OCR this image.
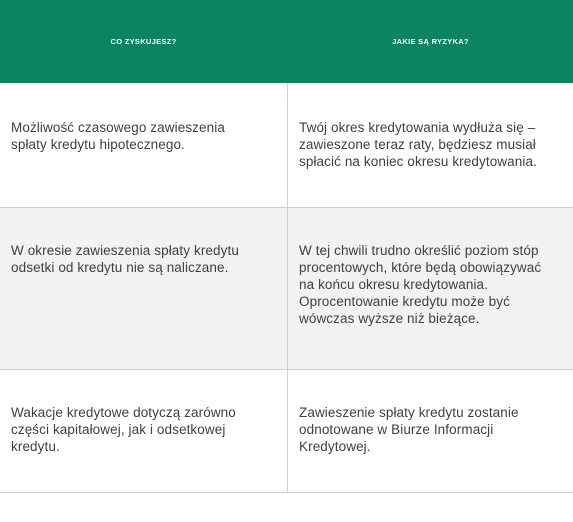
CO ZYSKUJESZ?	JAKIE SĄ RYZYKA?
Możliwość czasowego zawieszenia
spłaty kredytu hipotecznego.
Twój okres kredytowania wydłuża się –
zawieszone teraz raty, będziesz musiał
spłacić na koniec okresu kredytowania.
W okresie zawieszenia spłaty kredytu
odsetki od kredytu nie są naliczane.
W tej chwili trudno określić poziom stóp
procentowych, które będą obowiązywać
na końcu okresu kredytowania.
Oprocentowanie kredytu może być
wówczas wyższe niż bieżące.
Wakacje kredytowe dotyczą zarówno
części kapitałowej, jak i odsetkowej
kredytu.
Zawieszenie spłaty kredytu zostanie
odnotowane w Biurze Informacji
Kredytowej.
